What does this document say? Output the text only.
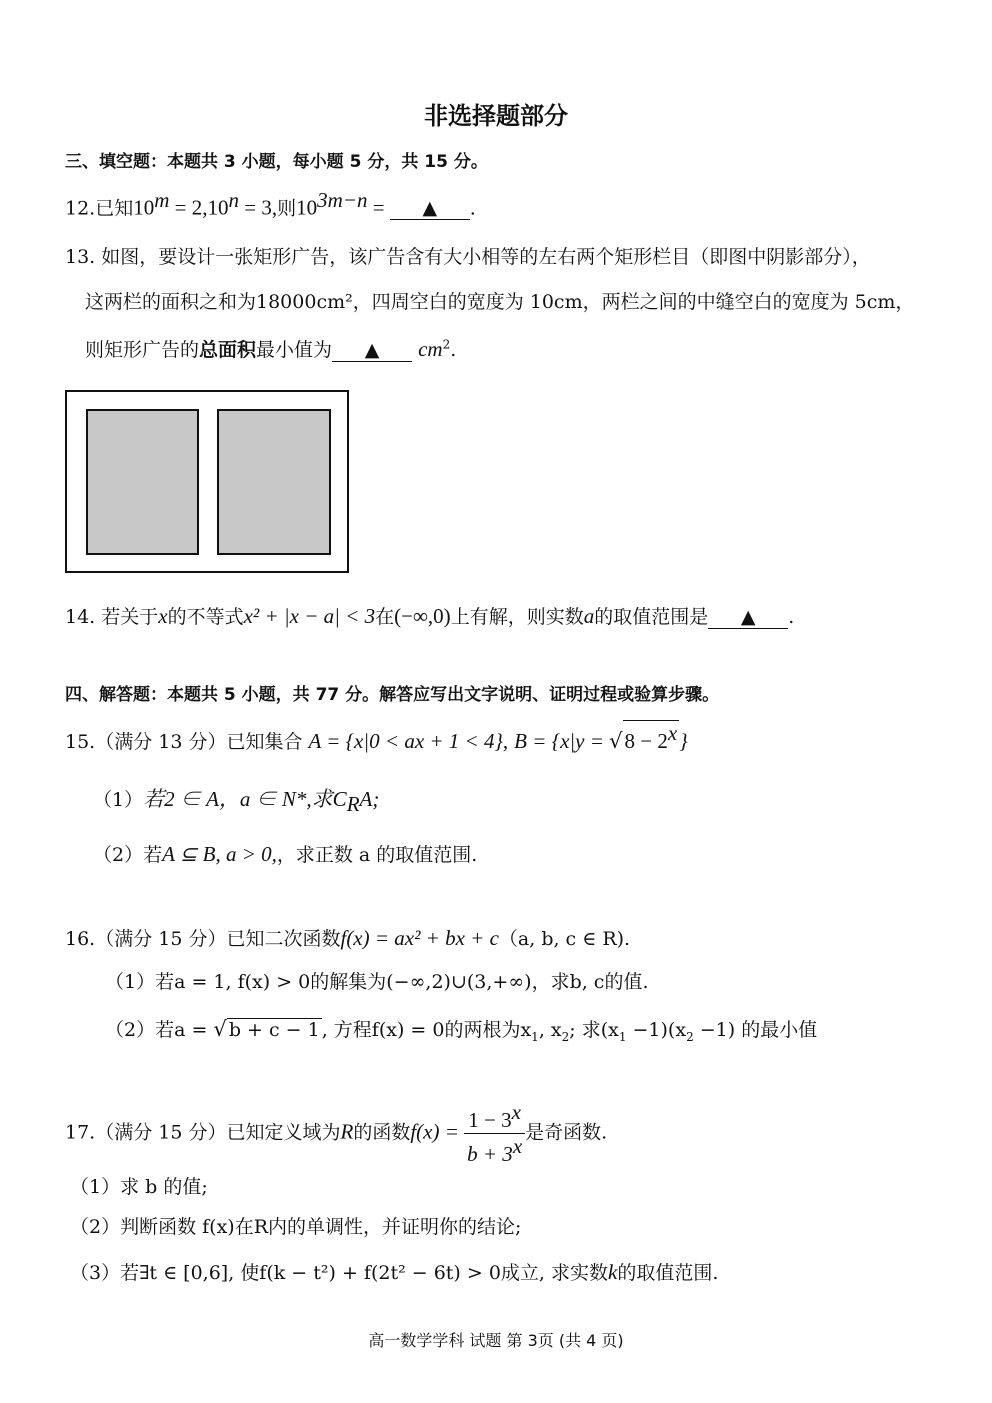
非选择题部分
三、填空题：本题共 3 小题，每小题 5 分，共 15 分。
12.已知$10^m = 2,10^n = 3$,则$10^{3m-n}$ = ▲ .
13. 如图，要设计一张矩形广告，该广告含有大小相等的左右两个矩形栏目（即图中阴影部分），
这两栏的面积之和为18000cm²，四周空白的宽度为 10cm，两栏之间的中缝空白的宽度为 5cm，
则矩形广告的总面积最小值为 ▲ $cm^2$.
14. 若关于x的不等式x² + |x − a| < 3在(−∞,0)上有解，则实数a的取值范围是 ▲ .
四、解答题：本题共 5 小题，共 77 分。解答应写出文字说明、证明过程或验算步骤。
15.（满分 13 分）已知集合 A = {x|0 < ax + 1 < 4}, $B = \{x|y = √8 - 2^x\}$
（1）若2 ∈ A，a ∈ N*,求$C_RA$;
（2）若A ⊆ B, a > 0,，求正数 a 的取值范围.
16.（满分 15 分）已知二次函数f(x) = ax² + bx + c（a, b, c ∈ R).
（1）若a = 1, f(x) > 0的解集为(−∞,2)∪(3,+∞)，求b, c的值.
（2）若a = √ b + c − 1 , 方程f(x) = 0的两根为$x_1$, $x_2$; 求$(x_1 -1)(x_2 -1)$ 的最小值
17.（满分 15 分）已知定义域为R的函数$f(x) = \frac{1 - 3^x}{b + 3^x}$ 是奇函数.
（1）求 b 的值;
（2）判断函数 f(x)在R内的单调性，并证明你的结论;
（3）若∃t ∈ [0,6], 使f(k − t²) + f(2t² − 6t) > 0成立, 求实数k的取值范围.
高一数学学科 试题 第 3页 (共 4 页)
